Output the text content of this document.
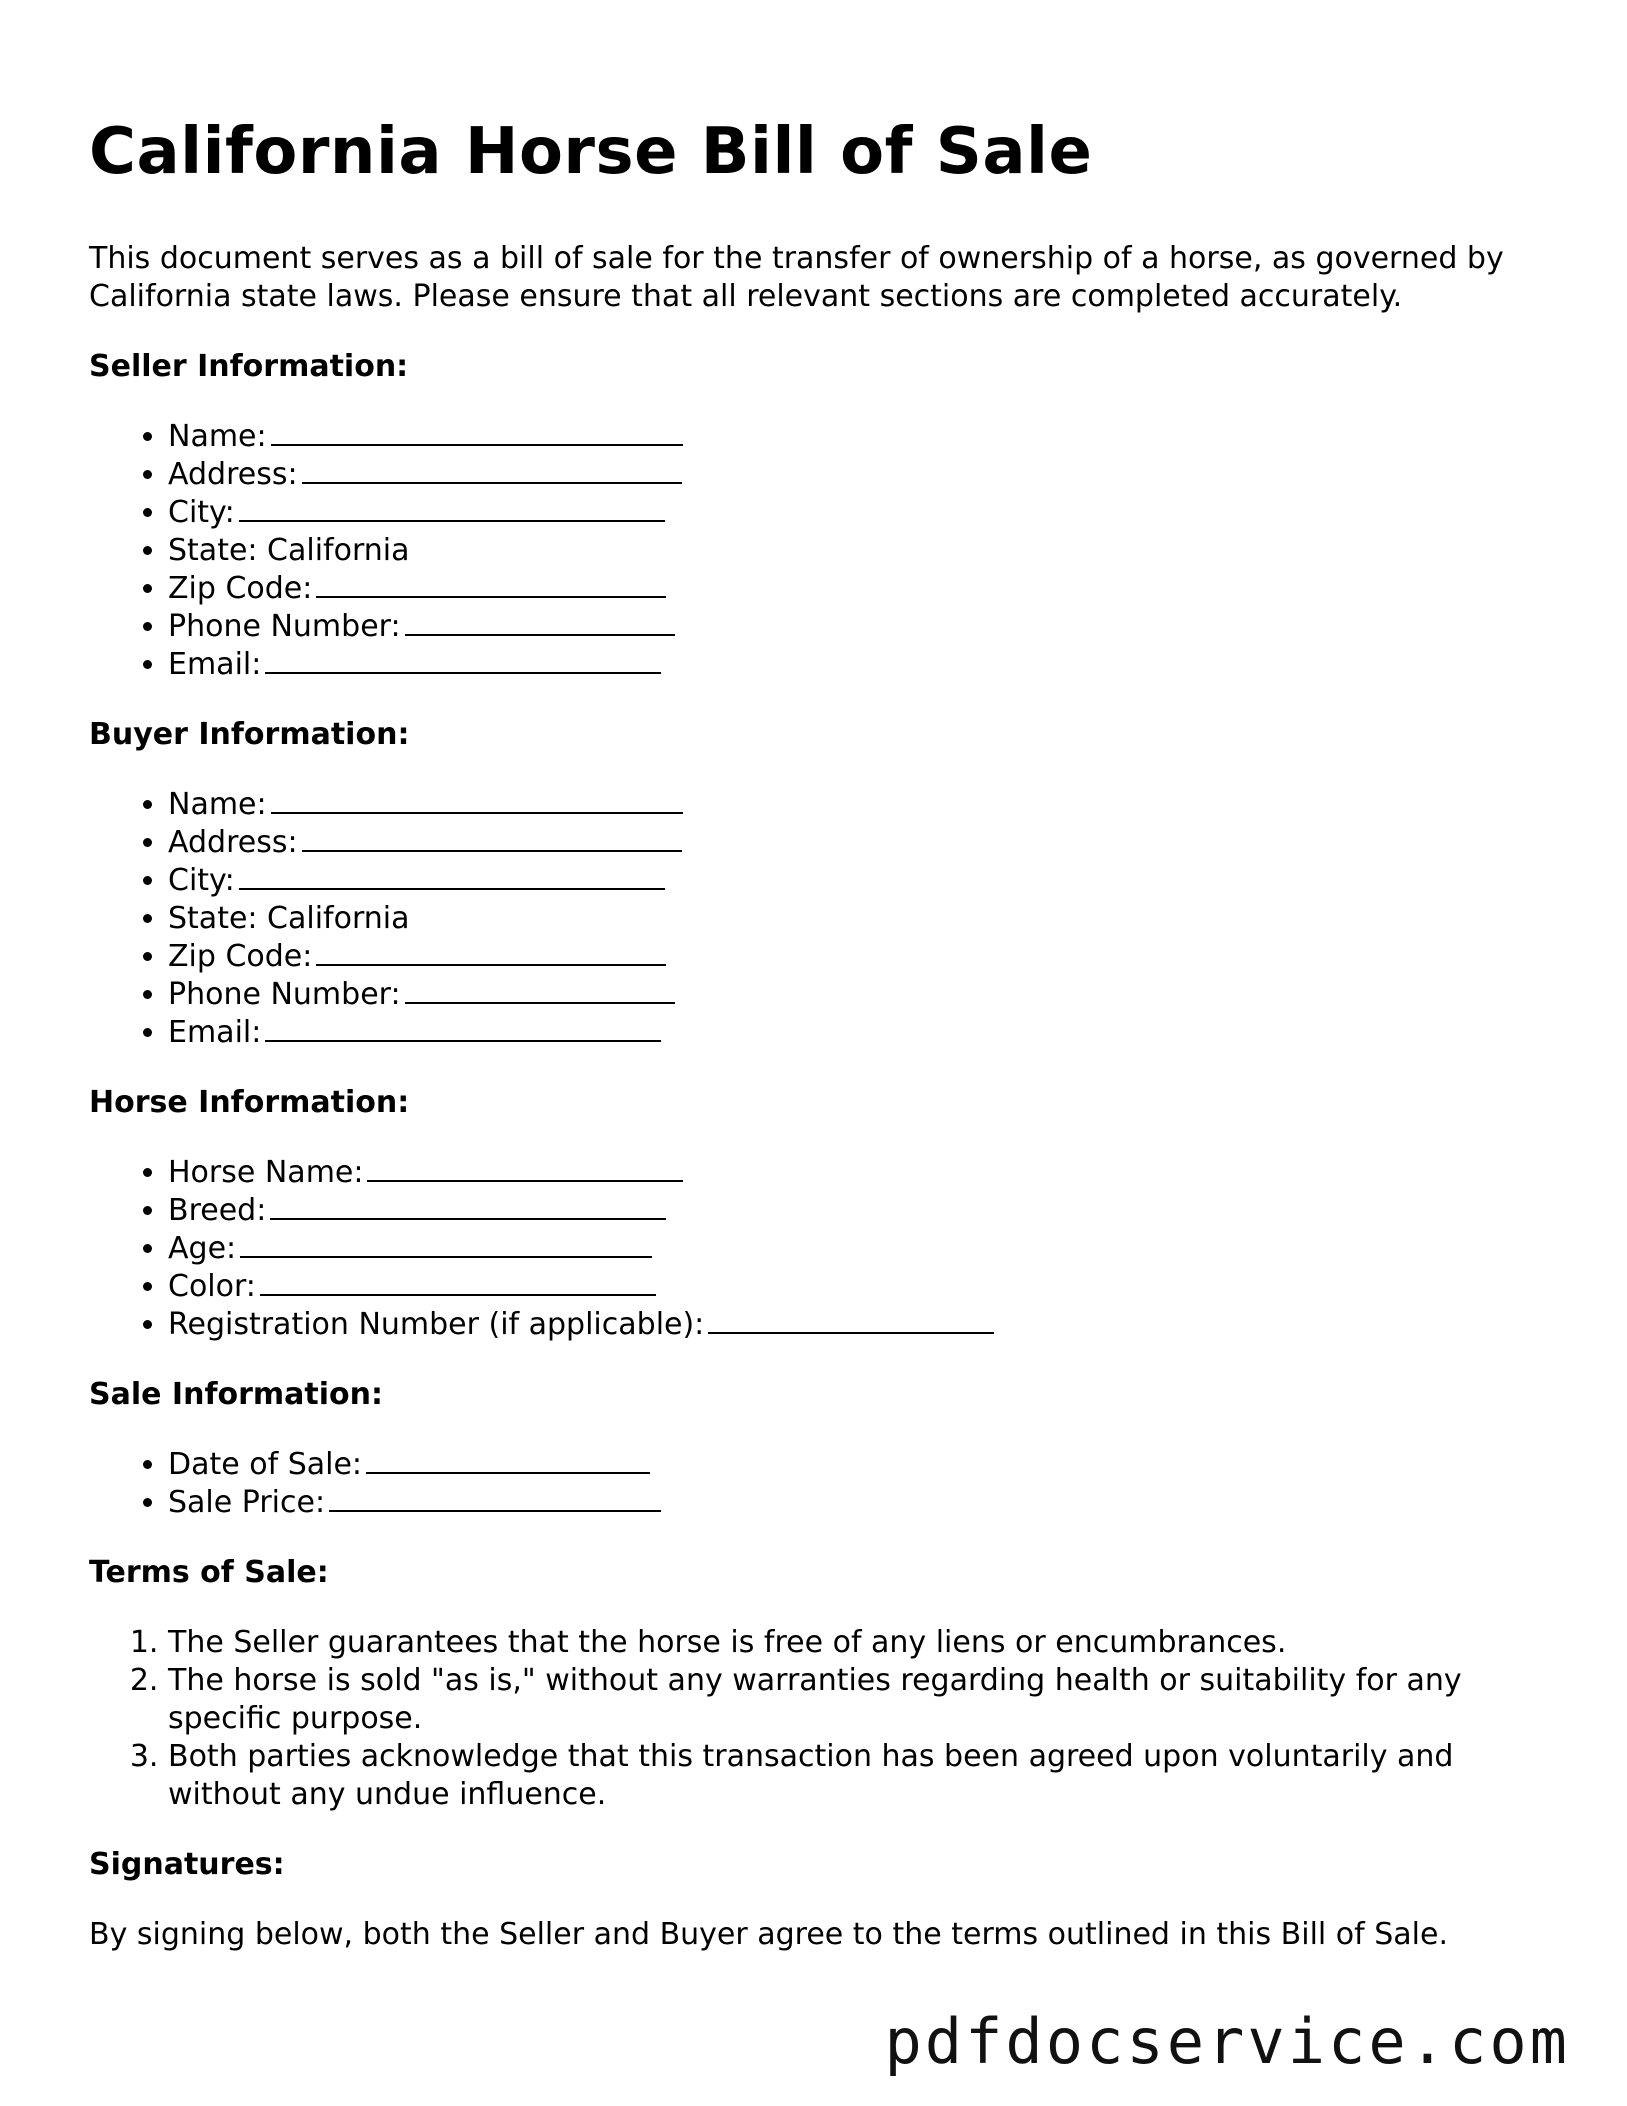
California Horse Bill of Sale

This document serves as a bill of sale for the transfer of ownership of a horse, as governed by California state laws. Please ensure that all relevant sections are completed accurately.

Seller Information:
• Name:
• Address:
• City:
• State: California
• Zip Code:
• Phone Number:
• Email:
Buyer Information:
• Name:
• Address:
• City:
• State: California
• Zip Code:
• Phone Number:
• Email:
Horse Information:
• Horse Name:
• Breed:
• Age:
• Color:
• Registration Number (if applicable):
Sale Information:
• Date of Sale:
• Sale Price:
Terms of Sale:
1. The Seller guarantees that the horse is free of any liens or encumbrances.
2. The horse is sold "as is," without any warranties regarding health or suitability for any specific purpose.
3. Both parties acknowledge that this transaction has been agreed upon voluntarily and without any undue influence.
Signatures:

By signing below, both the Seller and Buyer agree to the terms outlined in this Bill of Sale.

pdfdocservice.com
